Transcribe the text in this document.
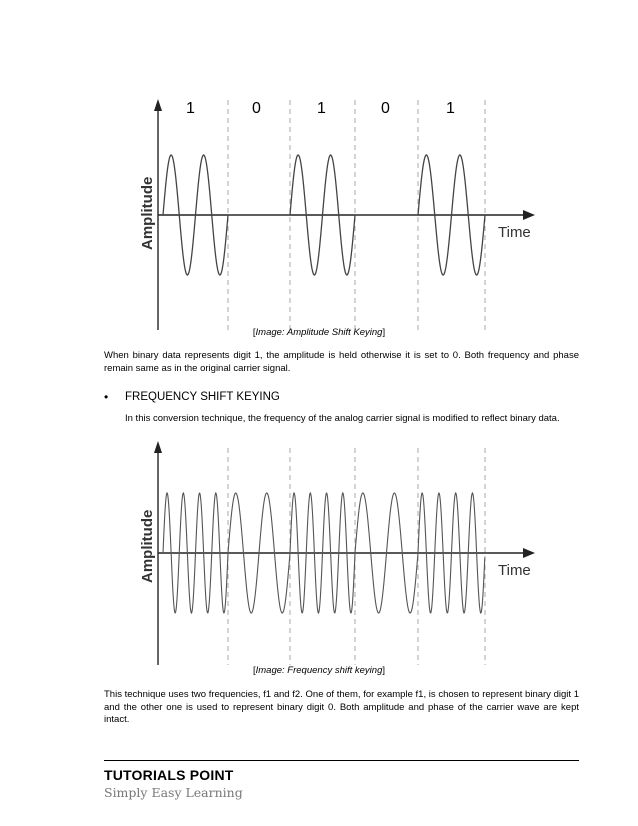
1	0	1	0	1
Amplitude	Time
[Image: Amplitude Shift Keying]
When binary data represents digit 1, the amplitude is held otherwise it is set to 0. Both frequency and phase remain same as in the original carrier signal.
• FREQUENCY SHIFT KEYING
In this conversion technique, the frequency of the analog carrier signal is modified to reflect binary data.
Amplitude	Time
[Image: Frequency shift keying]
This technique uses two frequencies, f1 and f2. One of them, for example f1, is chosen to represent binary digit 1 and the other one is used to represent binary digit 0. Both amplitude and phase of the carrier wave are kept intact.
TUTORIALS POINT
Simply Easy Learning
